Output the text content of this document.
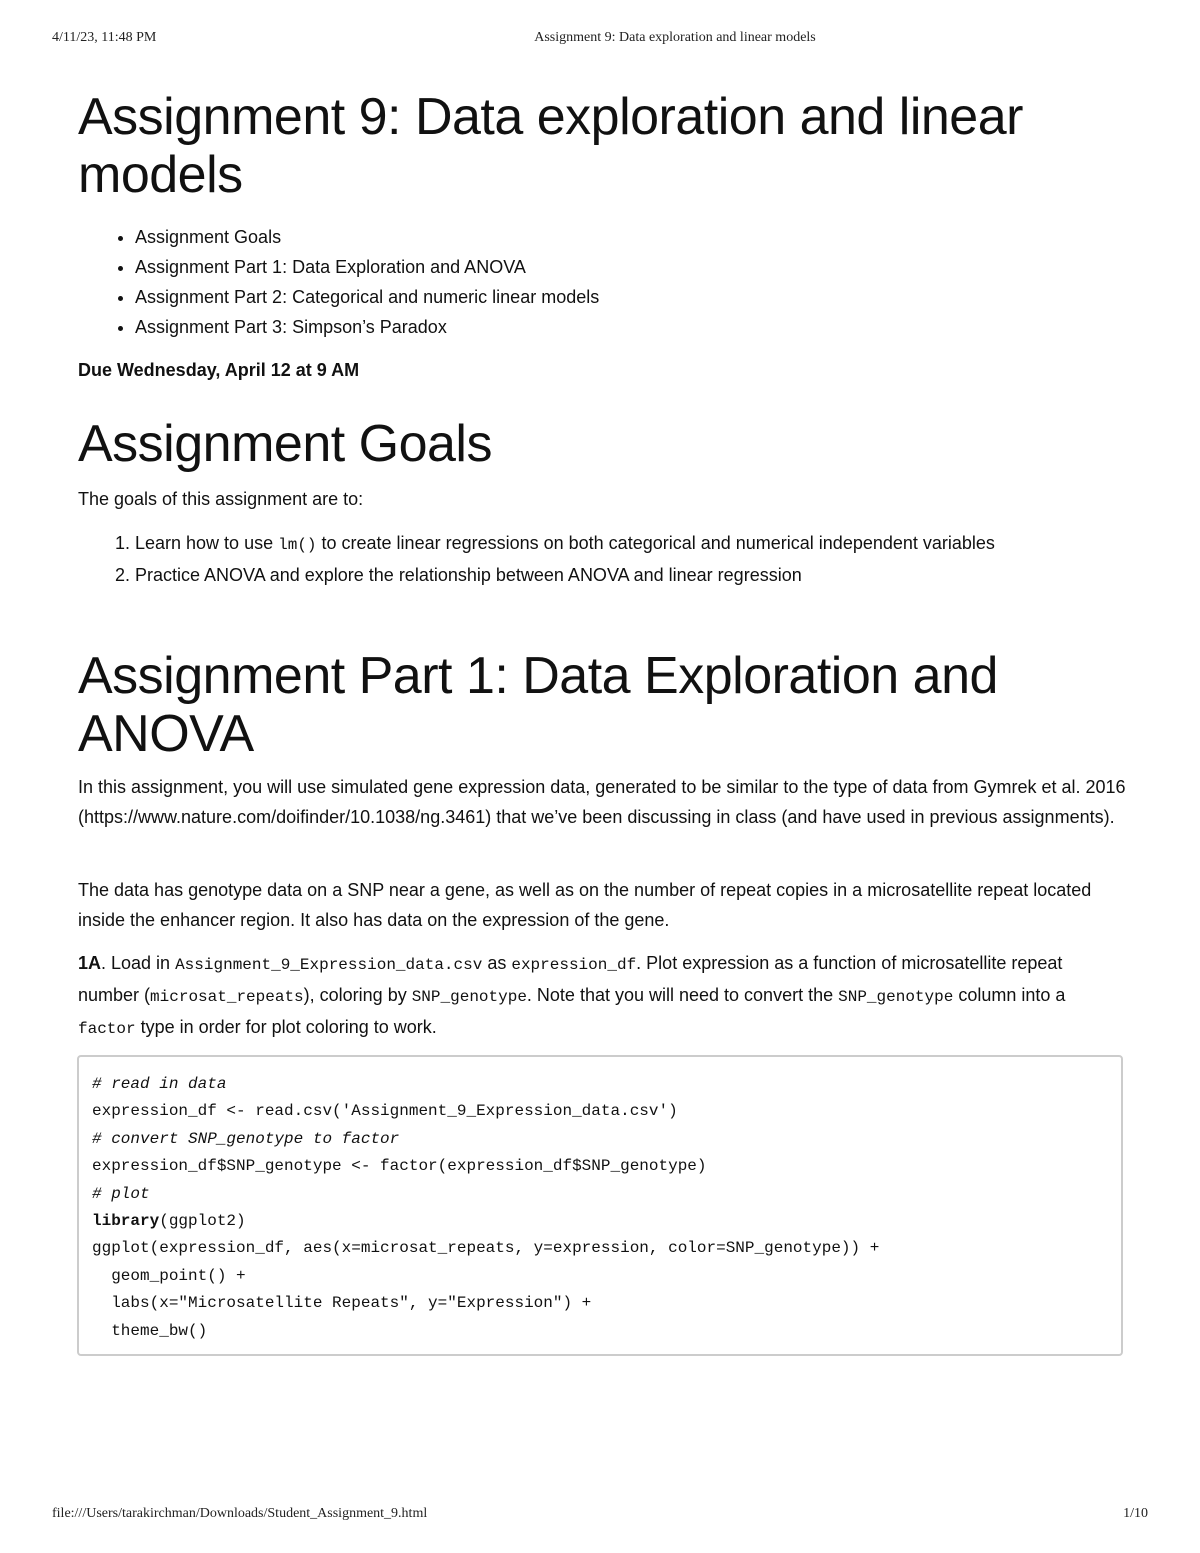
4/11/23, 11:48 PM	Assignment 9: Data exploration and linear models
Assignment 9: Data exploration and linear models
• Assignment Goals
• Assignment Part 1: Data Exploration and ANOVA
• Assignment Part 2: Categorical and numeric linear models
• Assignment Part 3: Simpson’s Paradox

Due Wednesday, April 12 at 9 AM

Assignment Goals

The goals of this assignment are to:

1. Learn how to use lm() to create linear regressions on both categorical and numerical independent variables
2. Practice ANOVA and explore the relationship between ANOVA and linear regression
Assignment Part 1: Data Exploration and ANOVA

In this assignment, you will use simulated gene expression data, generated to be similar to the type of data from Gymrek et al. 2016 (https://www.nature.com/doifinder/10.1038/ng.3461) that we’ve been discussing in class (and have used in previous assignments).

The data has genotype data on a SNP near a gene, as well as on the number of repeat copies in a microsatellite repeat located inside the enhancer region. It also has data on the expression of the gene.

1A. Load in Assignment_9_Expression_data.csv as expression_df. Plot expression as a function of microsatellite repeat number (microsat_repeats), coloring by SNP_genotype. Note that you will need to convert the SNP_genotype column into a factor type in order for plot coloring to work.

# read in data
expression_df <- read.csv('Assignment_9_Expression_data.csv')
# convert SNP_genotype to factor
expression_df$SNP_genotype <- factor(expression_df$SNP_genotype)
# plot
library(ggplot2)
ggplot(expression_df, aes(x=microsat_repeats, y=expression, color=SNP_genotype)) +
geom_point() +
labs(x="Microsatellite Repeats", y="Expression") +
theme_bw()
file:///Users/tarakirchman/Downloads/Student_Assignment_9.html	1/10
